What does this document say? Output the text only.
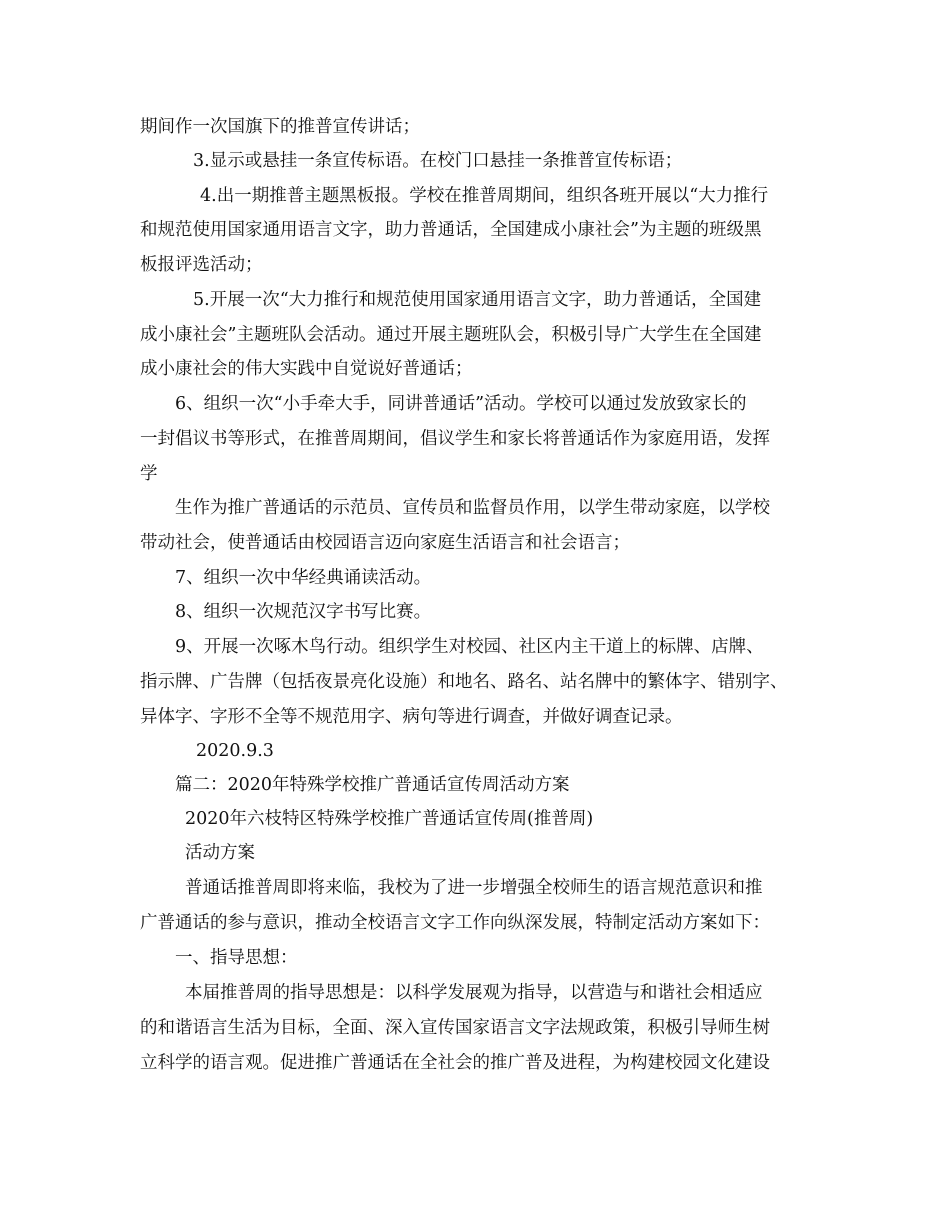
期间作一次国旗下的推普宣传讲话；
3.显示或悬挂一条宣传标语。在校门口悬挂一条推普宣传标语；
4.出一期推普主题黑板报。学校在推普周期间，组织各班开展以“大力推行
和规范使用国家通用语言文字，助力普通话，全国建成小康社会”为主题的班级黑
板报评选活动；
5.开展一次“大力推行和规范使用国家通用语言文字，助力普通话，全国建
成小康社会”主题班队会活动。通过开展主题班队会，积极引导广大学生在全国建
成小康社会的伟大实践中自觉说好普通话；
6、组织一次“小手牵大手，同讲普通话”活动。学校可以通过发放致家长的
一封倡议书等形式，在推普周期间，倡议学生和家长将普通话作为家庭用语，发挥
学
生作为推广普通话的示范员、宣传员和监督员作用，以学生带动家庭，以学校
带动社会，使普通话由校园语言迈向家庭生活语言和社会语言；
7、组织一次中华经典诵读活动。
8、组织一次规范汉字书写比赛。
9、开展一次啄木鸟行动。组织学生对校园、社区内主干道上的标牌、店牌、
指示牌、广告牌（包括夜景亮化设施）和地名、路名、站名牌中的繁体字、错别字、
异体字、字形不全等不规范用字、病句等进行调查，并做好调查记录。
2020.9.3
篇二：2020年特殊学校推广普通话宣传周活动方案
2020年六枝特区特殊学校推广普通话宣传周(推普周)
活动方案
普通话推普周即将来临，我校为了进一步增强全校师生的语言规范意识和推
广普通话的参与意识，推动全校语言文字工作向纵深发展，特制定活动方案如下：
一、指导思想：
本届推普周的指导思想是：以科学发展观为指导，以营造与和谐社会相适应
的和谐语言生活为目标，全面、深入宣传国家语言文字法规政策，积极引导师生树
立科学的语言观。促进推广普通话在全社会的推广普及进程，为构建校园文化建设
